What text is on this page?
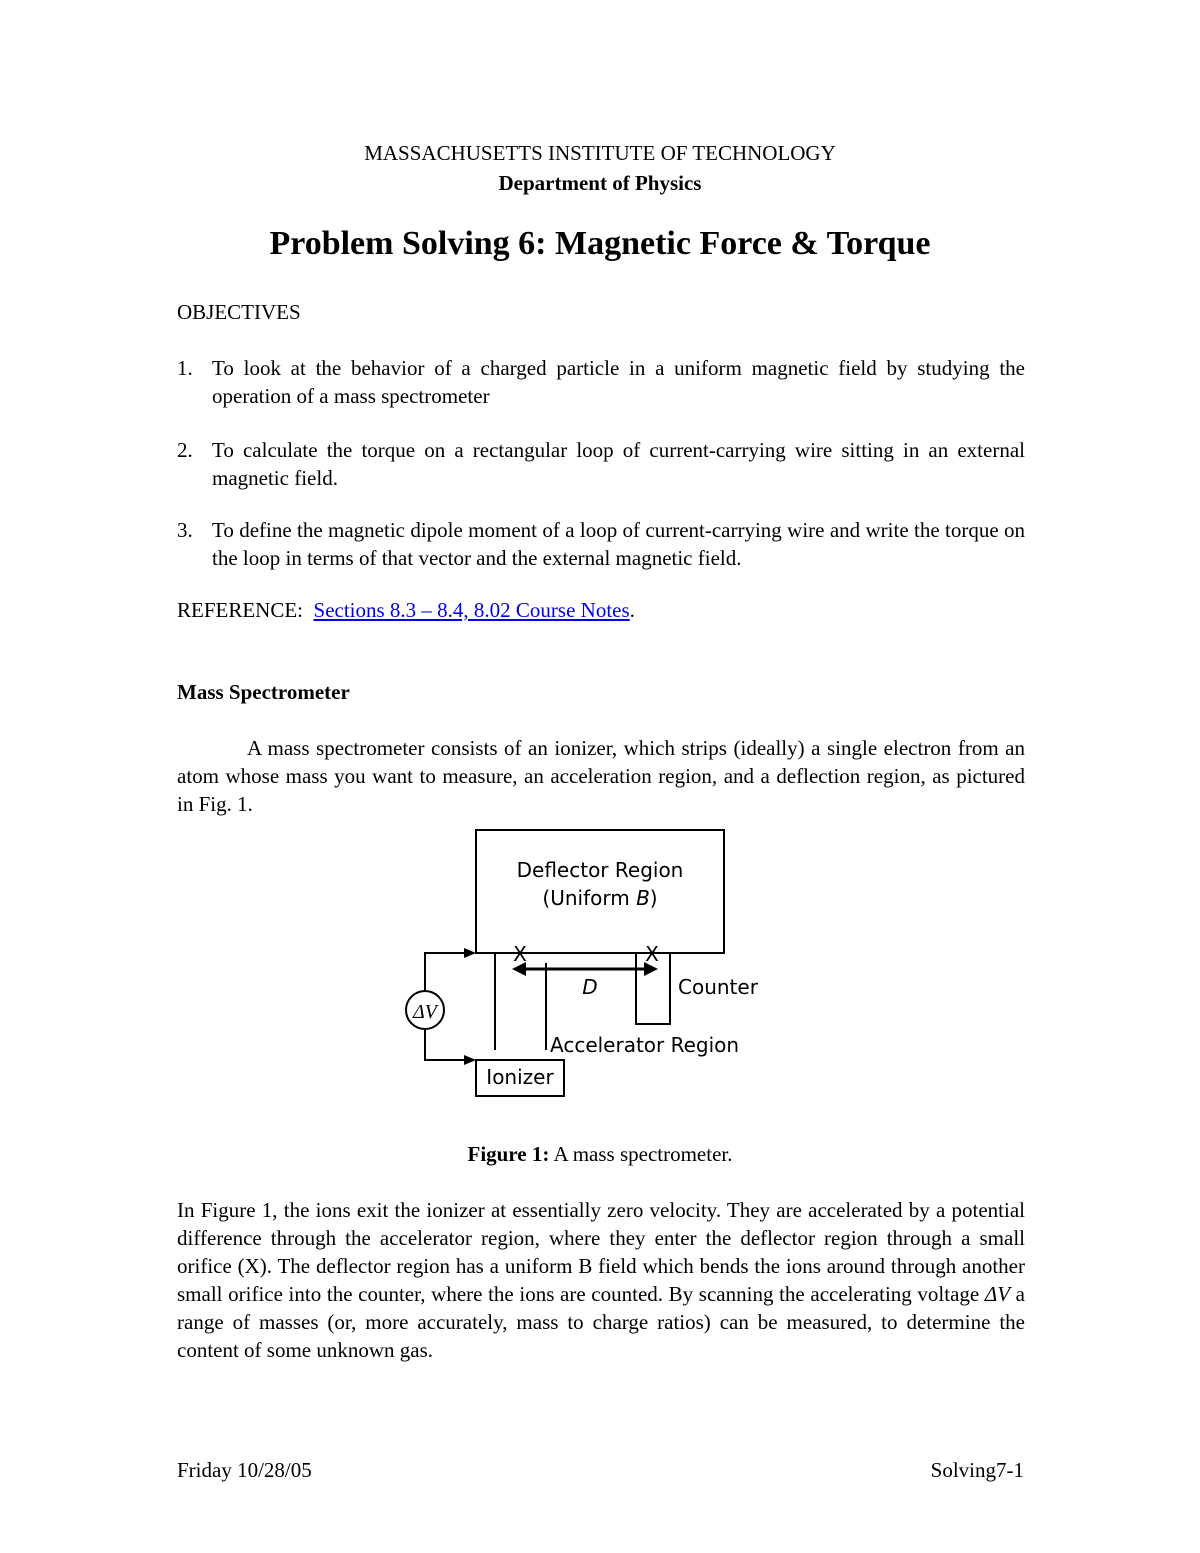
MASSACHUSETTS INSTITUTE OF TECHNOLOGY
Department of Physics
Problem Solving 6: Magnetic Force & Torque
OBJECTIVES
1. To look at the behavior of a charged particle in a uniform magnetic field by studying the operation of a mass spectrometer
2. To calculate the torque on a rectangular loop of current-carrying wire sitting in an external magnetic field.
3. To define the magnetic dipole moment of a loop of current-carrying wire and write the torque on the loop in terms of that vector and the external magnetic field.
REFERENCE: Sections 8.3 – 8.4, 8.02 Course Notes.
Mass Spectrometer

A mass spectrometer consists of an ionizer, which strips (ideally) a single electron from an atom whose mass you want to measure, an acceleration region, and a deflection region, as pictured in Fig. 1.

Deflector Region
(Uniform B)
Counter
X	X
D
ΔV
Accelerator Region
Ionizer
Figure 1: A mass spectrometer.

In Figure 1, the ions exit the ionizer at essentially zero velocity. They are accelerated by a potential difference through the accelerator region, where they enter the deflector region through a small orifice (X). The deflector region has a uniform B field which bends the ions around through another small orifice into the counter, where the ions are counted. By scanning the accelerating voltage ΔV a range of masses (or, more accurately, mass to charge ratios) can be measured, to determine the content of some unknown gas.

Friday 10/28/05	Solving7-1
